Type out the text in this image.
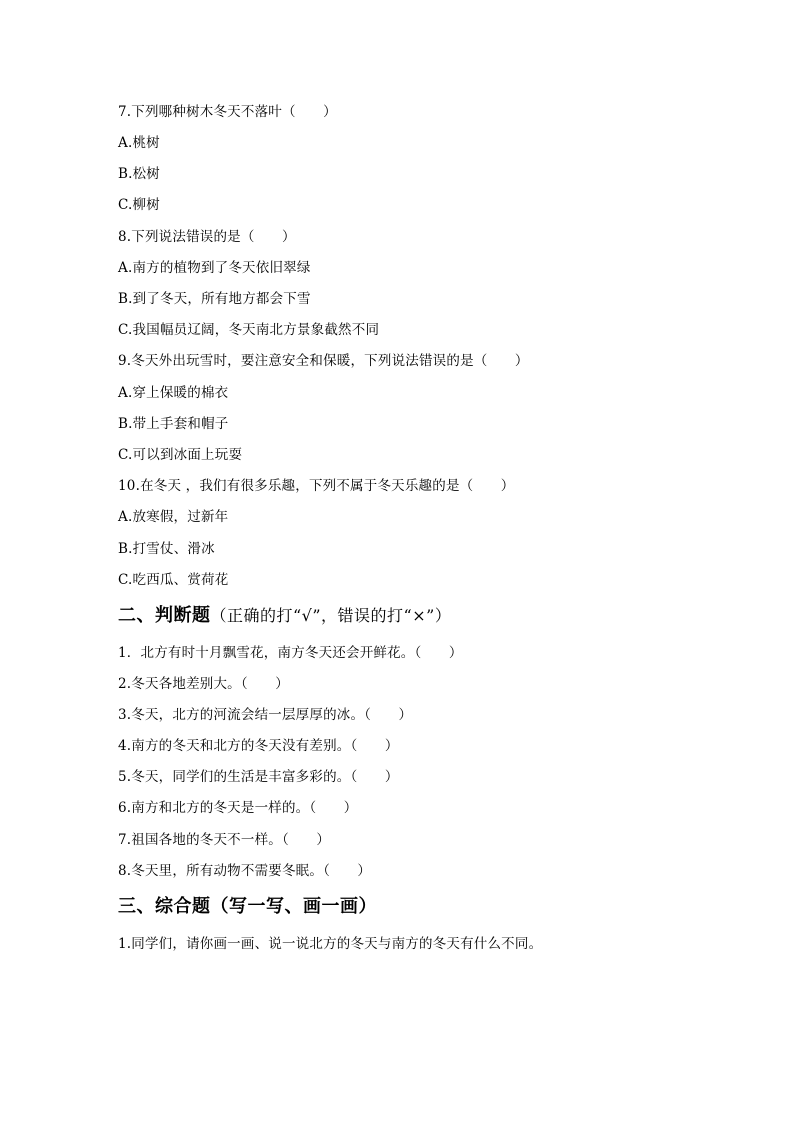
7.下列哪种树木冬天不落叶（　　）
A.桃树
B.松树
C.柳树
8.下列说法错误的是（　　）
A.南方的植物到了冬天依旧翠绿
B.到了冬天，所有地方都会下雪
C.我国幅员辽阔，冬天南北方景象截然不同
9.冬天外出玩雪时，要注意安全和保暖，下列说法错误的是（　　）
A.穿上保暖的棉衣
B.带上手套和帽子
C.可以到冰面上玩耍
10.在冬天 ，我们有很多乐趣，下列不属于冬天乐趣的是（　　）
A.放寒假，过新年
B.打雪仗、滑冰
C.吃西瓜、赏荷花
二、判断题（正确的打“√”，错误的打“×”）
1．北方有时十月飘雪花，南方冬天还会开鲜花。（　　）
2.冬天各地差别大。（　　）
3.冬天，北方的河流会结一层厚厚的冰。（　　）
4.南方的冬天和北方的冬天没有差别。（　　）
5.冬天，同学们的生活是丰富多彩的。（　　）
6.南方和北方的冬天是一样的。（　　）
7.祖国各地的冬天不一样。（　　）
8.冬天里，所有动物不需要冬眠。（　　）
三、综合题（写一写、画一画）
1.同学们，请你画一画、说一说北方的冬天与南方的冬天有什么不同。
